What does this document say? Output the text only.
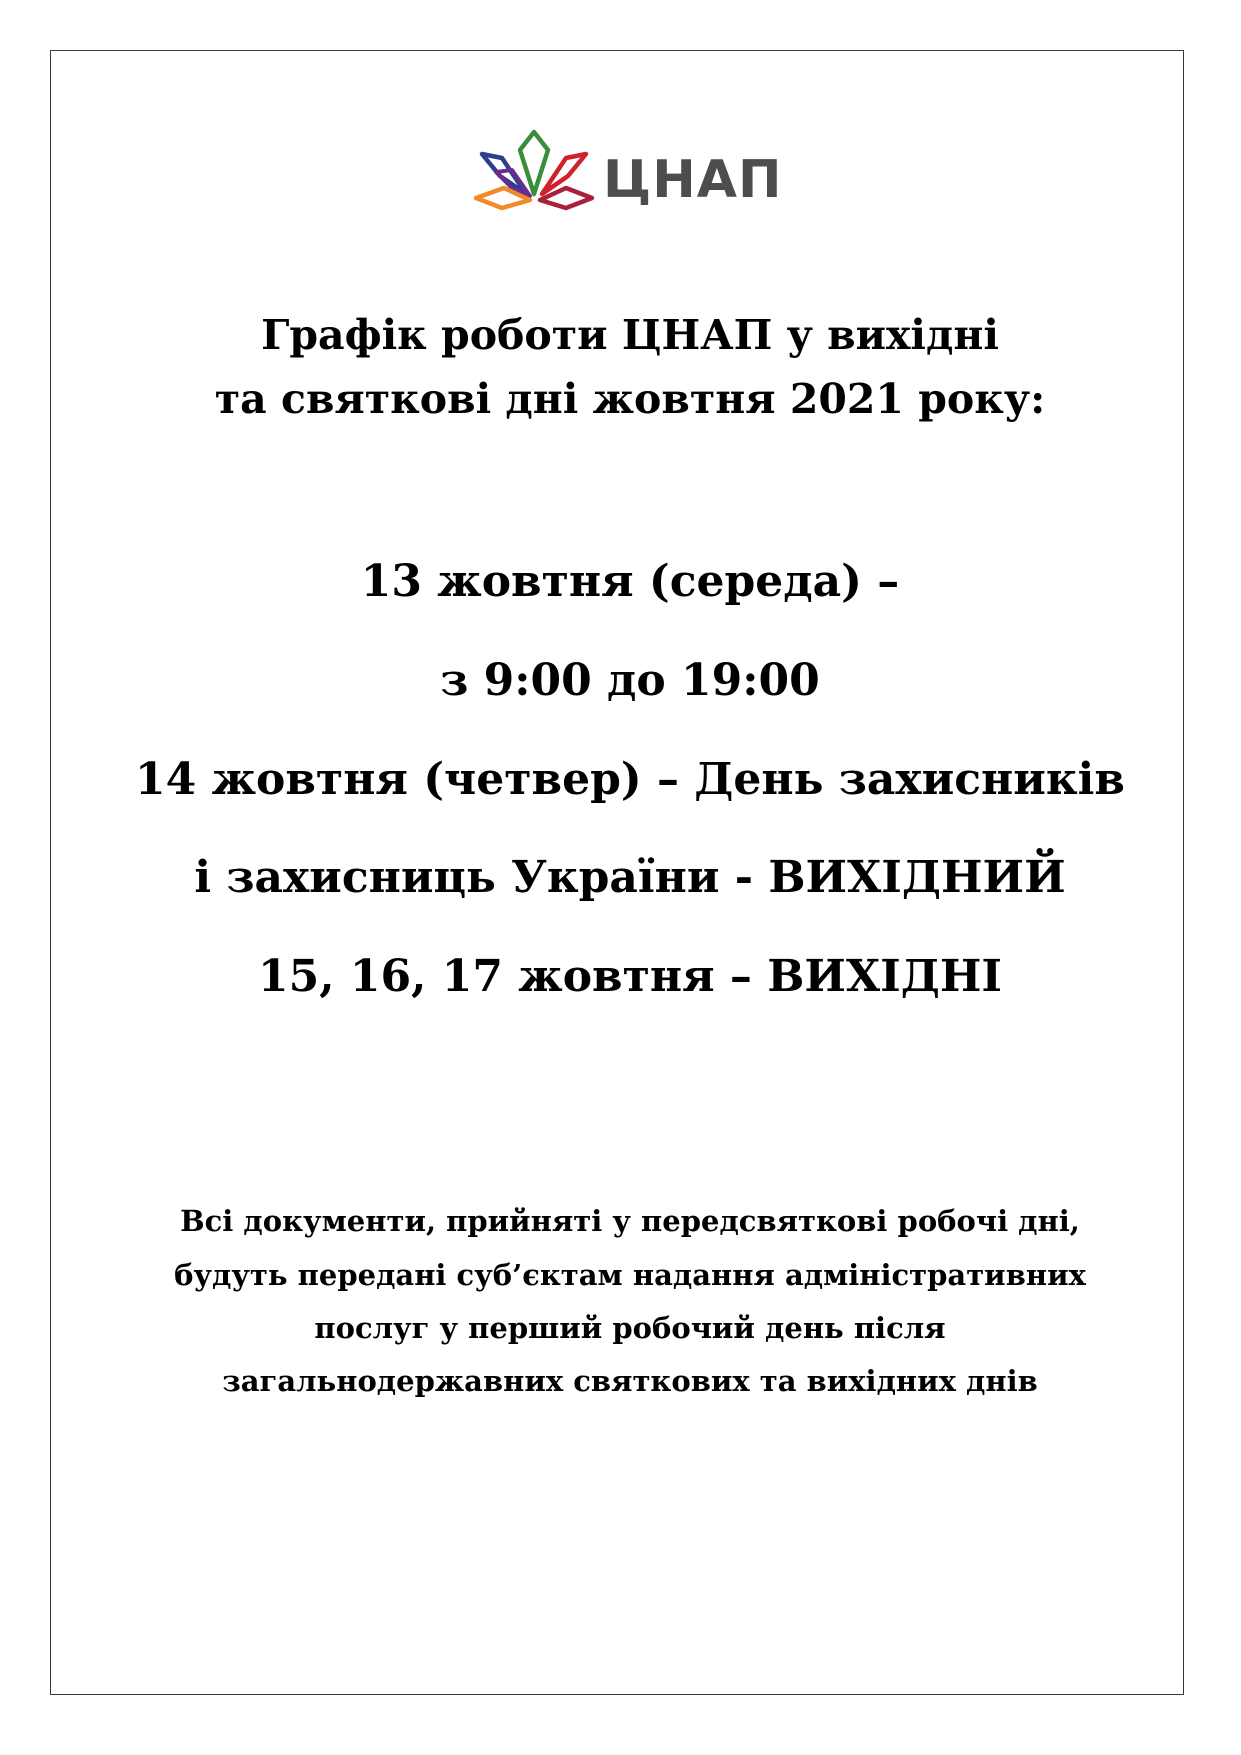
ЦНАП
Графік роботи ЦНАП у вихідні
та святкові дні жовтня 2021 року:
13 жовтня (середа) –
з 9:00 до 19:00
14 жовтня (четвер) – День захисників
і захисниць України - ВИХІДНИЙ
15, 16, 17 жовтня – ВИХІДНІ
Всі документи, прийняті у передсвяткові робочі дні,
будуть передані суб’єктам надання адміністративних
послуг у перший робочий день після
загальнодержавних святкових та вихідних днів
